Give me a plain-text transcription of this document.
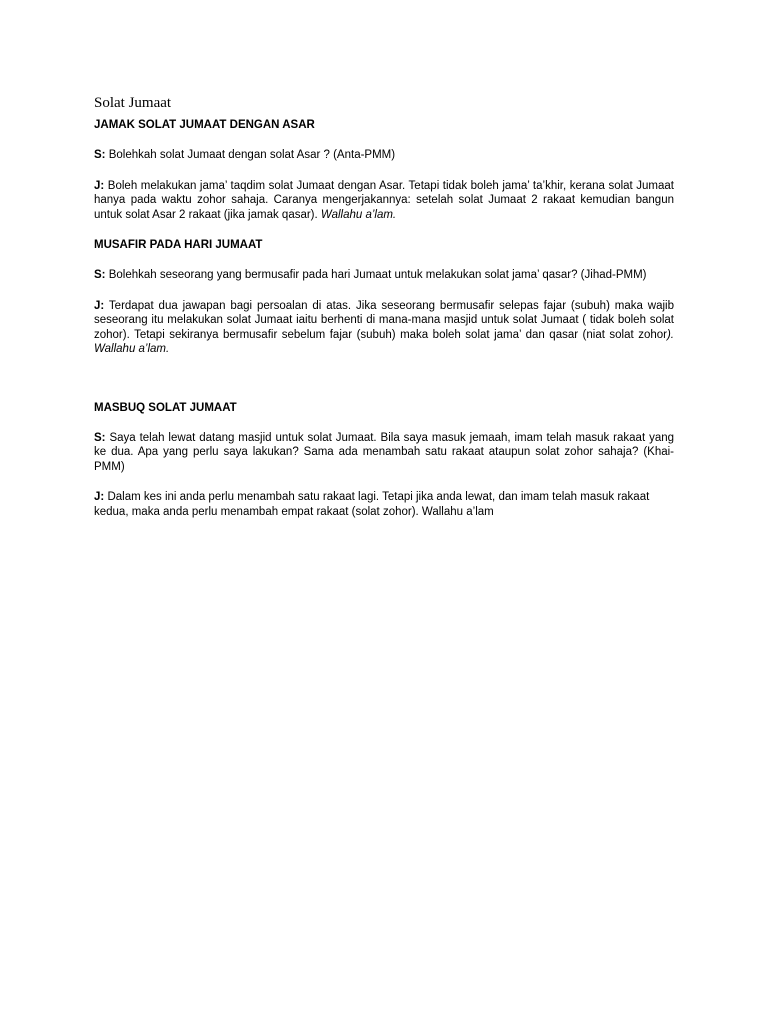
Solat Jumaat
JAMAK SOLAT JUMAAT DENGAN ASAR

S: Bolehkah solat Jumaat dengan solat Asar ? (Anta-PMM)

J: Boleh melakukan jama’ taqdim solat Jumaat dengan Asar. Tetapi tidak boleh jama’ ta’khir, kerana solat Jumaat hanya pada waktu zohor sahaja. Caranya mengerjakannya: setelah solat Jumaat 2 rakaat kemudian bangun untuk solat Asar 2 rakaat (jika jamak qasar). Wallahu a’lam.

MUSAFIR PADA HARI JUMAAT

S: Bolehkah seseorang yang bermusafir pada hari Jumaat untuk melakukan solat jama’ qasar? (Jihad-PMM)

J: Terdapat dua jawapan bagi persoalan di atas. Jika seseorang bermusafir selepas fajar (subuh) maka wajib seseorang itu melakukan solat Jumaat iaitu berhenti di mana-mana masjid untuk solat Jumaat ( tidak boleh solat zohor). Tetapi sekiranya bermusafir sebelum fajar (subuh) maka boleh solat jama’ dan qasar (niat solat zohor). Wallahu a’lam.

MASBUQ SOLAT JUMAAT

S: Saya telah lewat datang masjid untuk solat Jumaat. Bila saya masuk jemaah, imam telah masuk rakaat yang ke dua. Apa yang perlu saya lakukan? Sama ada menambah satu rakaat ataupun solat zohor sahaja? (Khai-PMM)

J: Dalam kes ini anda perlu menambah satu rakaat lagi. Tetapi jika anda lewat, dan imam telah masuk rakaat kedua, maka anda perlu menambah empat rakaat (solat zohor). Wallahu a’lam
